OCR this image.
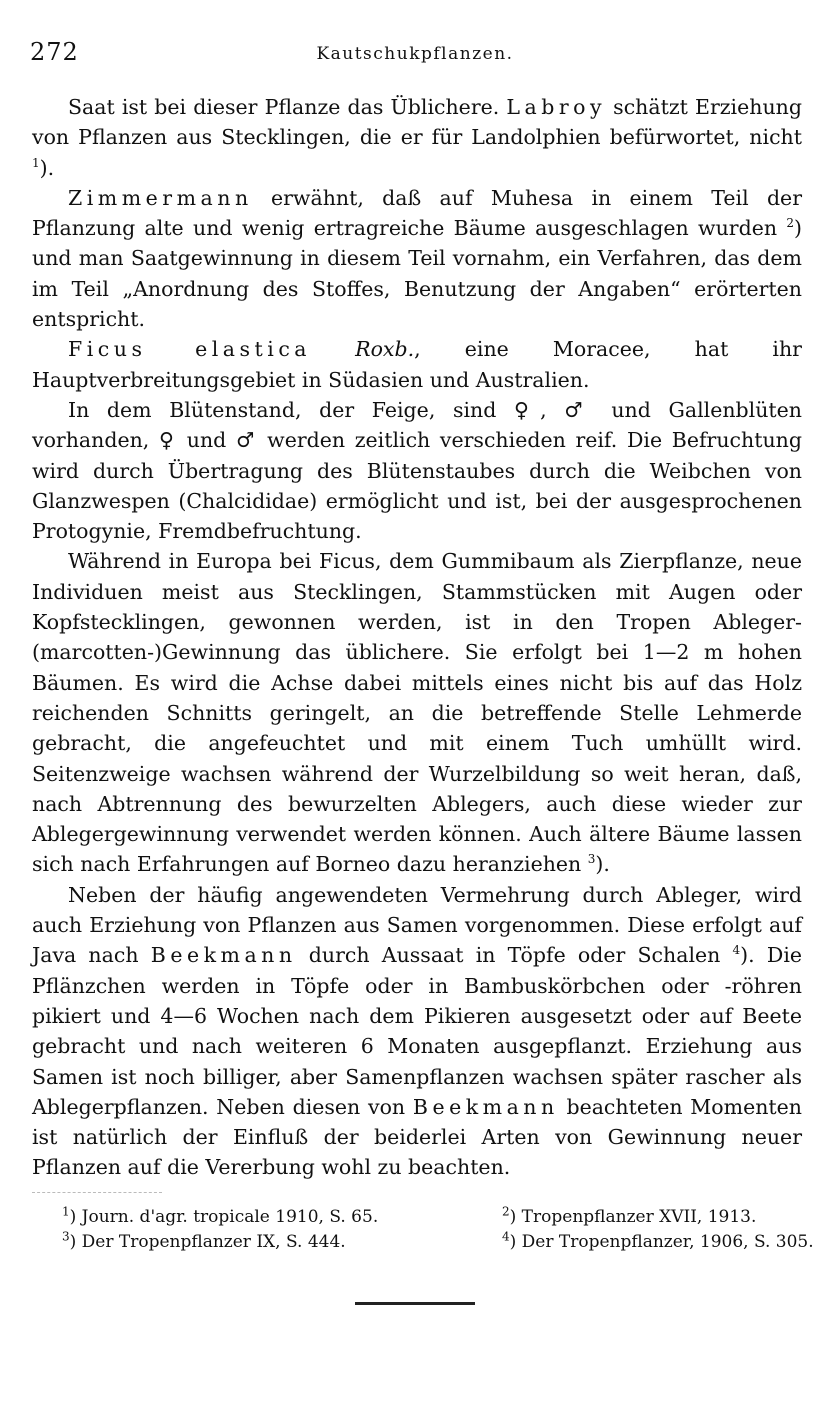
272	Kautschukpflanzen.

Saat ist bei dieser Pflanze das Üblichere. Labroy schätzt Erziehung von Pflanzen aus Stecklingen, die er für Landolphien befürwortet, nicht $^1$).

Zimmermann erwähnt, daß auf Muhesa in einem Teil der Pflanzung alte und wenig ertragreiche Bäume ausgeschlagen wurden $^2$) und man Saatgewinnung in diesem Teil vornahm, ein Verfahren, das dem im Teil „Anordnung des Stoffes, Benutzung der Angaben“ erörterten entspricht.

Ficus elastica Roxb., eine Moracee, hat ihr Hauptverbreitungsgebiet in Südasien und Australien.

In dem Blütenstand, der Feige, sind ♀, ♂ und Gallenblüten vorhanden, ♀ und ♂ werden zeitlich verschieden reif. Die Befruchtung wird durch Übertragung des Blütenstaubes durch die Weibchen von Glanzwespen (Chalcididae) ermöglicht und ist, bei der ausgesprochenen Protogynie, Fremdbefruchtung.

Während in Europa bei Ficus, dem Gummibaum als Zierpflanze, neue Individuen meist aus Stecklingen, Stammstücken mit Augen oder Kopfstecklingen, gewonnen werden, ist in den Tropen Ableger-(marcotten-)Gewinnung das üblichere. Sie erfolgt bei 1—2 m hohen Bäumen. Es wird die Achse dabei mittels eines nicht bis auf das Holz reichenden Schnitts geringelt, an die betreffende Stelle Lehmerde gebracht, die angefeuchtet und mit einem Tuch umhüllt wird. Seitenzweige wachsen während der Wurzelbildung so weit heran, daß, nach Abtrennung des bewurzelten Ablegers, auch diese wieder zur Ablegergewinnung verwendet werden können. Auch ältere Bäume lassen sich nach Erfahrungen auf Borneo dazu heranziehen $^3$).

Neben der häufig angewendeten Vermehrung durch Ableger, wird auch Erziehung von Pflanzen aus Samen vorgenommen. Diese erfolgt auf Java nach Beekmann durch Aussaat in Töpfe oder Schalen $^4$). Die Pflänzchen werden in Töpfe oder in Bambuskörbchen oder -röhren pikiert und 4—6 Wochen nach dem Pikieren ausgesetzt oder auf Beete gebracht und nach weiteren 6 Monaten ausgepflanzt. Erziehung aus Samen ist noch billiger, aber Samenpflanzen wachsen später rascher als Ablegerpflanzen. Neben diesen von Beekmann beachteten Momenten ist natürlich der Einfluß der beiderlei Arten von Gewinnung neuer Pflanzen auf die Vererbung wohl zu beachten.

$^1$) Journ. d'agr. tropicale 1910, S. 65.	$^2$) Tropenpflanzer XVII, 1913.
$^3$) Der Tropenpflanzer IX, S. 444.	$^4$) Der Tropenpflanzer, 1906, S. 305.
